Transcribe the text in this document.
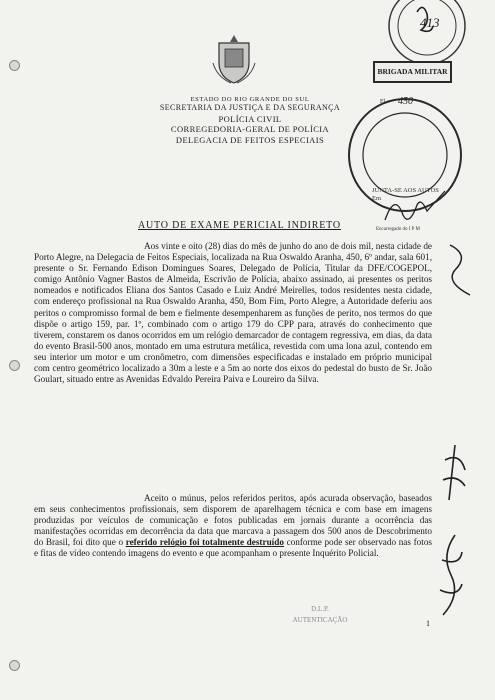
413
BRIGADA MILITAR
Fl. 450
ESTADO DO RIO GRANDE DO SUL
SECRETARIA DA JUSTIÇA E DA SEGURANÇA
POLÍCIA CIVIL
CORREGEDORIA-GERAL DE POLÍCIA
DELEGACIA DE FEITOS ESPECIAIS
JUNTA-SE AOS AUTOS
Em
Encarregado do I P M
AUTO DE EXAME PERICIAL INDIRETO
Aos vinte e oito (28) dias do mês de junho do ano de dois mil, nesta cidade de Porto Alegre, na Delegacia de Feitos Especiais, localizada na Rua Oswaldo Aranha, 450, 6º andar, sala 601, presente o Sr. Fernando Edison Domingues Soares, Delegado de Polícia, Titular da DFE/COGEPOL, comigo Antônio Vagner Bastos de Almeida, Escrivão de Polícia, abaixo assinado, ai presentes os peritos nomeados e notificados Eliana dos Santos Casado e Luiz André Meirelles, todos residentes nesta cidade, com endereço profissional na Rua Oswaldo Aranha, 450, Bom Fim, Porto Alegre, a Autoridade deferiu aos peritos o compromisso formal de bem e fielmente desempenharem as funções de perito, nos termos do que dispõe o artigo 159, par. 1º, combinado com o artigo 179 do CPP para, através do conhecimento que tiverem, constarem os danos ocorridos em um relógio demarcador de contagem regressiva, em dias, da data do evento Brasil-500 anos, montado em uma estrutura metálica, revestida com uma lona azul, contendo em seu interior um motor e um cronômetro, com dimensões especificadas e instalado em próprio municipal com centro geométrico localizado a 30m a leste e a 5m ao norte dos eixos do pedestal do busto de Sr. João Goulart, situado entre as Avenidas Edvaldo Pereira Paiva e Loureiro da Silva.
Aceito o múnus, pelos referidos peritos, após acurada observação, baseados em seus conhecimentos profissionais, sem disporem de aparelhagem técnica e com base em imagens produzidas por veículos de comunicação e fotos publicadas em jornais durante a ocorrência das manifestações ocorridas em decorrência da data que marcava a passagem dos 500 anos de Descobrimento do Brasil, foi dito que o referido relógio foi totalmente destruído conforme pode ser observado nas fotos e fitas de vídeo contendo imagens do evento e que acompanham o presente Inquérito Policial.
1
D.L.P.
AUTENTICAÇÃO
